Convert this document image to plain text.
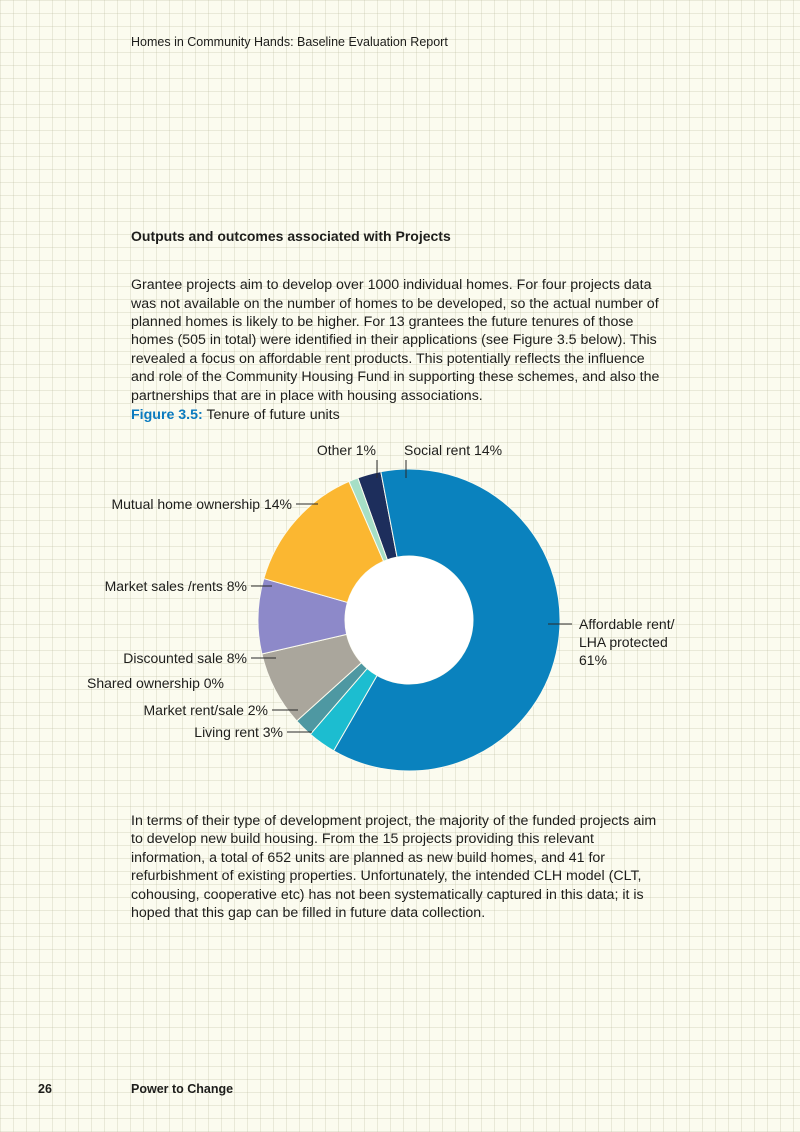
Homes in Community Hands: Baseline Evaluation Report
Outputs and outcomes associated with Projects

Grantee projects aim to develop over 1000 individual homes. For four projects data was not available on the number of homes to be developed, so the actual number of planned homes is likely to be higher. For 13 grantees the future tenures of those homes (505 in total) were identified in their applications (see Figure 3.5 below). This revealed a focus on affordable rent products. This potentially reflects the influence and role of the Community Housing Fund in supporting these schemes, and also the partnerships that are in place with housing associations.

Figure 3.5: Tenure of future units
Other 1% Social rent 14%
Mutual home ownership 14%
Market sales /rents 8%
Discounted sale 8%
Shared ownership 0%
Market rent/sale 2%
Living rent 3%
Affordable rent/
LHA protected
61%

In terms of their type of development project, the majority of the funded projects aim to develop new build housing. From the 15 projects providing this relevant information, a total of 652 units are planned as new build homes, and 41 for refurbishment of existing properties. Unfortunately, the intended CLH model (CLT, cohousing, cooperative etc) has not been systematically captured in this data; it is hoped that this gap can be filled in future data collection.

26	Power to Change
